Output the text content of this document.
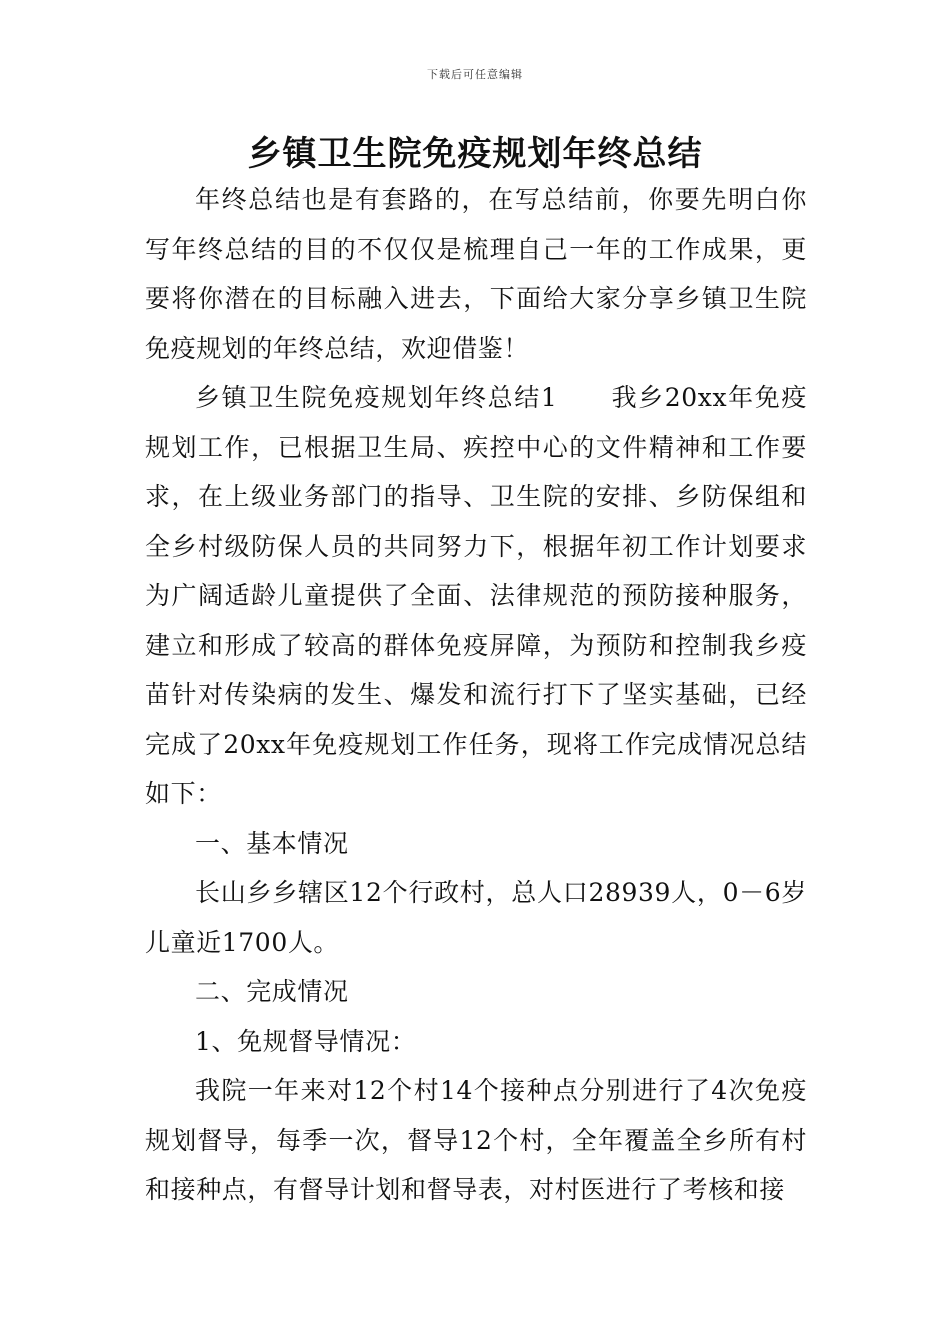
下载后可任意编辑
乡镇卫生院免疫规划年终总结

年终总结也是有套路的，在写总结前，你要先明白你写年终总结的目的不仅仅是梳理自己一年的工作成果，更要将你潜在的目标融入进去，下面给大家分享乡镇卫生院免疫规划的年终总结，欢迎借鉴！

乡镇卫生院免疫规划年终总结1　　我乡20xx年免疫规划工作，已根据卫生局、疾控中心的文件精神和工作要求，在上级业务部门的指导、卫生院的安排、乡防保组和全乡村级防保人员的共同努力下，根据年初工作计划要求为广阔适龄儿童提供了全面、法律规范的预防接种服务，建立和形成了较高的群体免疫屏障，为预防和控制我乡疫苗针对传染病的发生、爆发和流行打下了坚实基础，已经完成了20xx年免疫规划工作任务，现将工作完成情况总结如下：

一、基本情况

长山乡乡辖区12个行政村，总人口28939人，0－6岁儿童近1700人。

二、完成情况

1、免规督导情况：

我院一年来对12个村14个接种点分别进行了4次免疫规划督导，每季一次，督导12个村，全年覆盖全乡所有村和接种点，有督导计划和督导表，对村医进行了考核和接
